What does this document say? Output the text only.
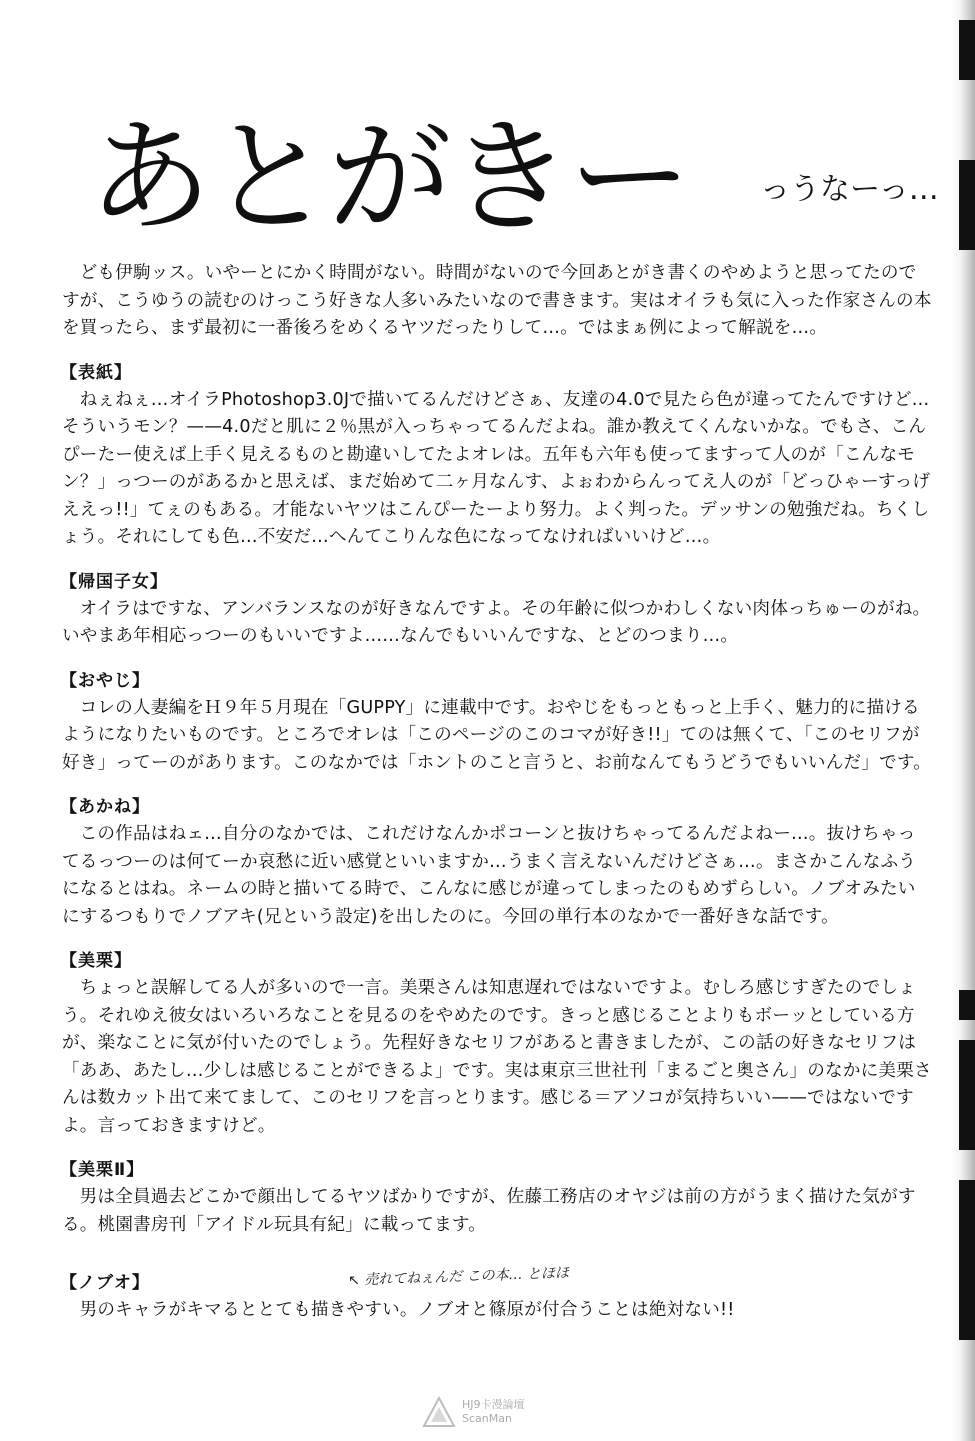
あとがきー っうなーっ…

ども伊駒ッス。いやーとにかく時間がない。時間がないので今回あとがき書くのやめようと思ってたのですが、こうゆうの読むのけっこう好きな人多いみたいなので書きます。実はオイラも気に入った作家さんの本を買ったら、まず最初に一番後ろをめくるヤツだったりして…。ではまぁ例によって解説を…。

【表紙】

ねぇねぇ…オイラPhotoshop3.0Jで描いてるんだけどさぁ、友達の4.0で見たら色が違ってたんですけど…そういうモン？——4.0だと肌に２％黒が入っちゃってるんだよね。誰か教えてくんないかな。でもさ、こんぴーたー使えば上手く見えるものと勘違いしてたよオレは。五年も六年も使ってますって人のが「こんなモン？」っつーのがあるかと思えば、まだ始めて二ヶ月なんす、よぉわからんってえ人のが「どっひゃーすっげええっ!!」てぇのもある。才能ないヤツはこんぴーたーより努力。よく判った。デッサンの勉強だね。ちくしょう。それにしても色…不安だ…へんてこりんな色になってなければいいけど…。

【帰国子女】

オイラはですな、アンバランスなのが好きなんですよ。その年齢に似つかわしくない肉体っちゅーのがね。いやまあ年相応っつーのもいいですよ……なんでもいいんですな、とどのつまり…。

【おやじ】

コレの人妻編をＨ９年５月現在「GUPPY」に連載中です。おやじをもっともっと上手く、魅力的に描けるようになりたいものです。ところでオレは「このページのこのコマが好き!!」てのは無くて、「このセリフが好き」ってーのがあります。このなかでは「ホントのこと言うと、お前なんてもうどうでもいいんだ」です。

【あかね】

この作品はねェ…自分のなかでは、これだけなんかポコーンと抜けちゃってるんだよねー…。抜けちゃってるっつーのは何てーか哀愁に近い感覚といいますか…うまく言えないんだけどさぁ…。まさかこんなふうになるとはね。ネームの時と描いてる時で、こんなに感じが違ってしまったのもめずらしい。ノブオみたいにするつもりでノブアキ(兄という設定)を出したのに。今回の単行本のなかで一番好きな話です。

【美栗】

ちょっと誤解してる人が多いので一言。美栗さんは知恵遅れではないですよ。むしろ感じすぎたのでしょう。それゆえ彼女はいろいろなことを見るのをやめたのです。きっと感じることよりもボーッとしている方が、楽なことに気が付いたのでしょう。先程好きなセリフがあると書きましたが、この話の好きなセリフは「ああ、あたし…少しは感じることができるよ」です。実は東京三世社刊「まるごと奥さん」のなかに美栗さんは数カット出て来てまして、このセリフを言っとります。感じる＝アソコが気持ちいい——ではないですよ。言っておきますけど。

【美栗Ⅱ】

男は全員過去どこかで顔出してるヤツばかりですが、佐藤工務店のオヤジは前の方がうまく描けた気がする。桃園書房刊「アイドル玩具有紀」に載ってます。

【ノブオ】

男のキャラがキマるととても描きやすい。ノブオと篠原が付合うことは絶対ない!!

↖ 売れてねぇんだ この本… とほほ
HJ9卡漫論壇
ScanMan
